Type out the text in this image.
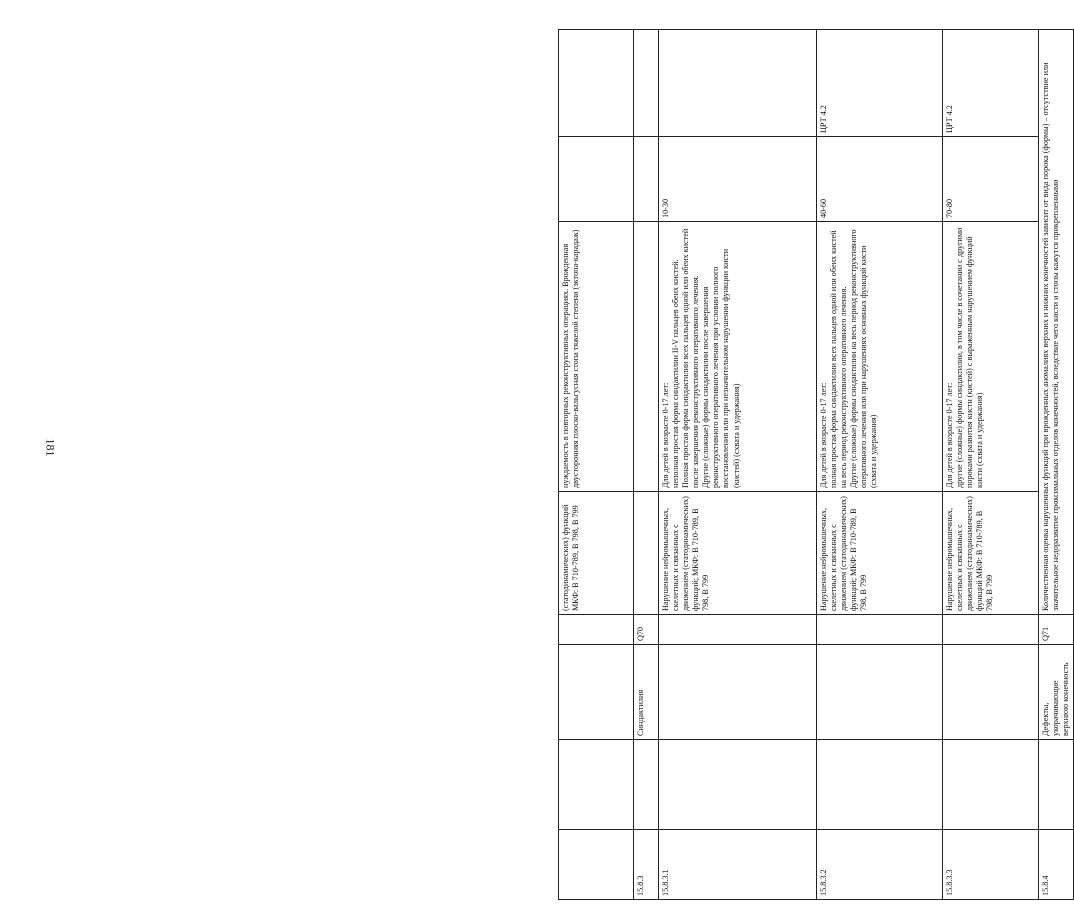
181
				(статодинамических) функций МКФ: В 710-789, В 798, В 799	нуждаемость в повторных реконструктивных операциях. Врожденная двусторонняя плоско-вальгусная стопа тяжелой степени (эктопа-карадаж)		
15.8.3		Синдактилия	Q70				
15.8.3.1				Нарушение нейромышечных, скелетных и связанных с движением (статодинамических) функций; МКФ: В 710-789, В 798, В 799	Для детей в возрасте 0-17 лет:
неполная простая форма синдактилии II-V пальцев обеих кистей.
Полная простая форма синдактилии всех пальцев одной или обеих кистей после завершения реконструктивного оперативного лечения.
Другие (сложные) формы синдактилии после завершения реконструктивного оперативного лечения при условии полного восстановления или при незначительном нарушении функции кисти (кистей) (схвата и удержания)	10-30	
15.8.3.2				Нарушение нейромышечных, скелетных и связанных с движением (статодинамических) функций; МКФ: В 710-789, В 798, В 799	Для детей в возрасте 0-17 лет:
полная простая форма синдактилии всех пальцев одной или обеих кистей на весь период реконструктивного оперативного лечения.
Другие (сложные) формы синдактилии на весь период реконструктивного оперативного лечения или при нарушениях основных функций кисти (схвата и удержания)	40-60	ЦРТ 4.2
15.8.3.3				Нарушение нейромышечных, скелетных и связанных с движением (статодинамических) функций МКФ: В 710-789, В 798, В 799	Для детей в возрасте 0-17 лет:
другие (сложные) формы синдактилии, в том числе в сочетании с другими пороками развития кисти (кистей) с выраженным нарушением функций кисти (схвата и удержания)	70-80	ЦРТ 4.2
15.8.4		Дефекты, укорачивающие верхнюю конечность	Q71	Количественная оценка нарушенных функций при врожденных аномалиях верхних и нижних конечностей зависит от вида порока (формы) – отсутствие или значительное недоразвитие проксимальных отделов конечностей, вследствие чего кисти и стопы кажутся прикрепленными			
